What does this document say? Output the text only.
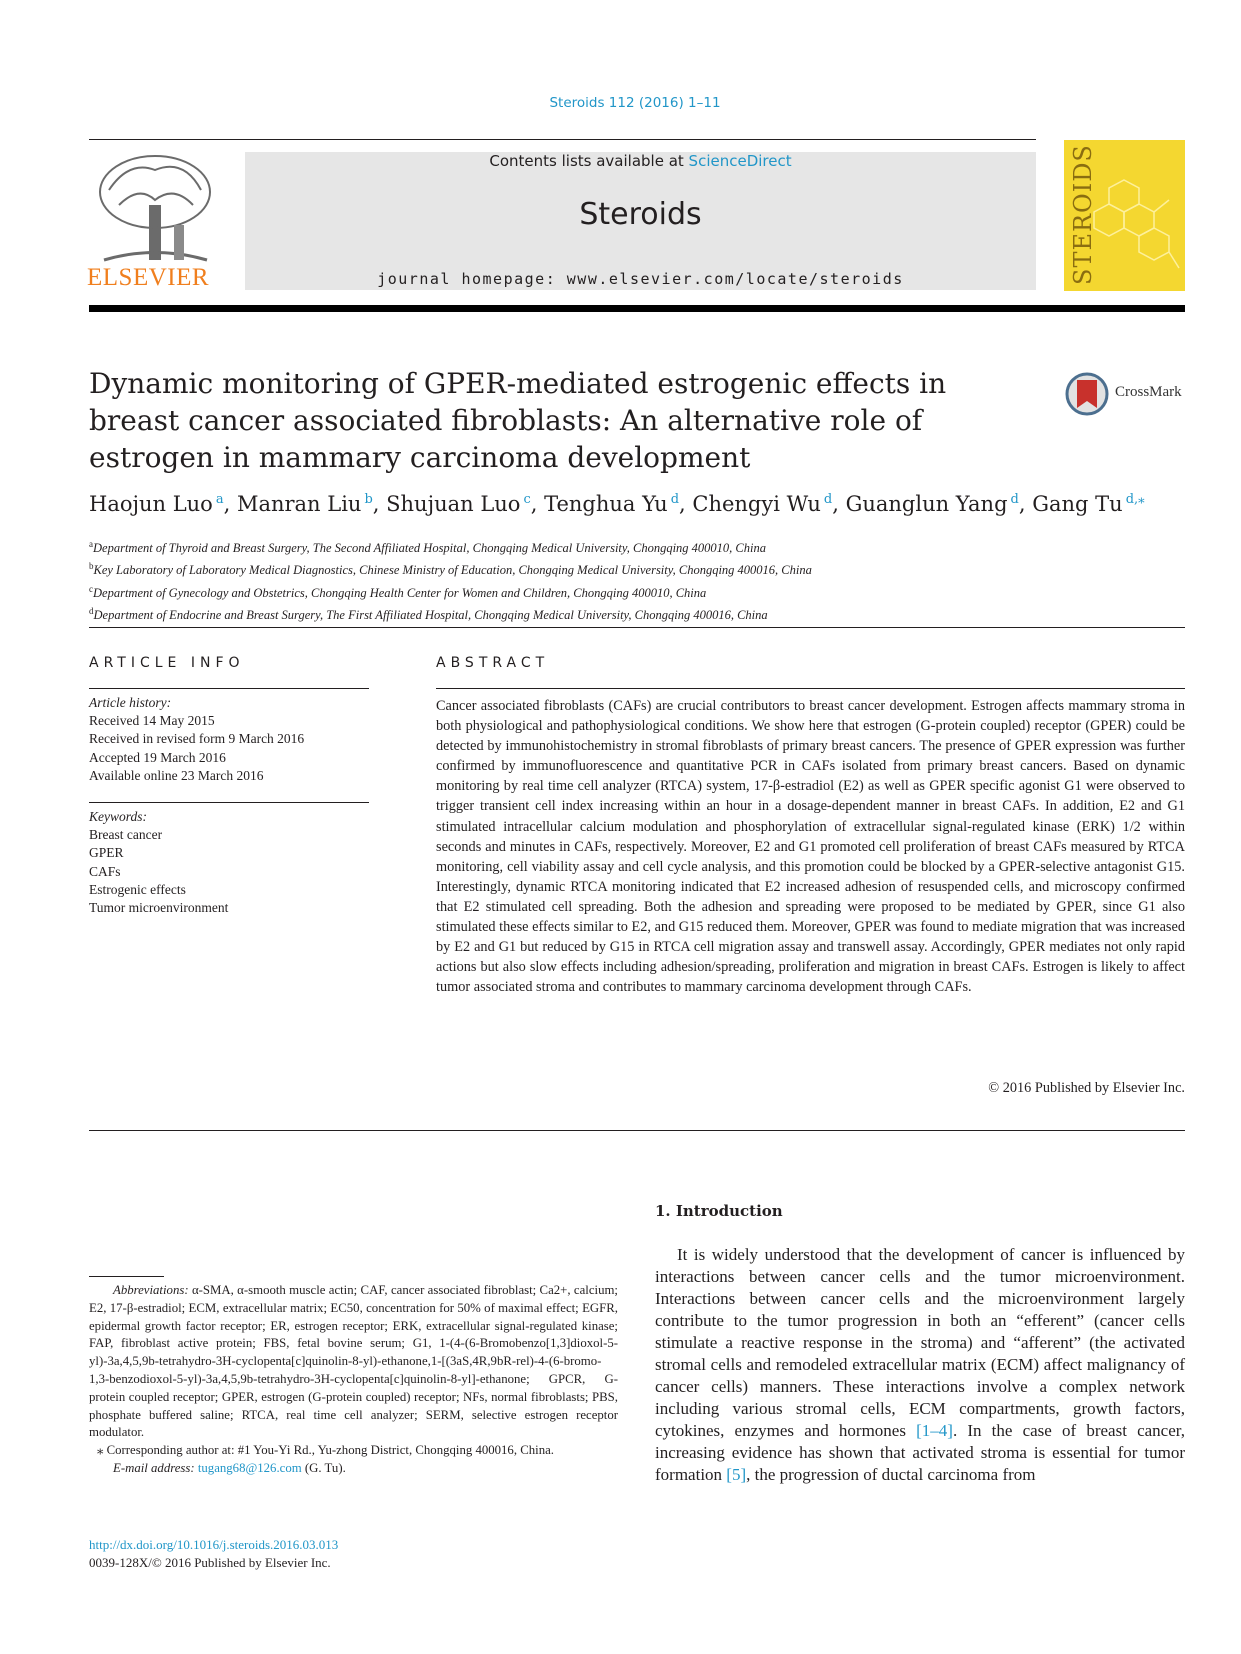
Steroids 112 (2016) 1–11
ELSEVIER
Contents lists available at ScienceDirect
Steroids
journal homepage: www.elsevier.com/locate/steroids	STEROIDS
Dynamic monitoring of GPER-mediated estrogenic effects in breast cancer associated fibroblasts: An alternative role of estrogen in mammary carcinoma development
CrossMark
Haojun Luo $^a$, Manran Liu $^b$, Shujuan Luo $^c$, Tenghua Yu $^d$, Chengyi Wu $^d$, Guanglun Yang $^d$, Gang Tu $^{d,⁎}$
$^a$Department of Thyroid and Breast Surgery, The Second Affiliated Hospital, Chongqing Medical University, Chongqing 400010, China
$^b$Key Laboratory of Laboratory Medical Diagnostics, Chinese Ministry of Education, Chongqing Medical University, Chongqing 400016, China
$^c$Department of Gynecology and Obstetrics, Chongqing Health Center for Women and Children, Chongqing 400010, China
$^d$Department of Endocrine and Breast Surgery, The First Affiliated Hospital, Chongqing Medical University, Chongqing 400016, China
ARTICLE INFO
Article history:
Received 14 May 2015
Received in revised form 9 March 2016
Accepted 19 March 2016
Available online 23 March 2016
Keywords:
Breast cancer
GPER
CAFs
Estrogenic effects
Tumor microenvironment
ABSTRACT
Cancer associated fibroblasts (CAFs) are crucial contributors to breast cancer development. Estrogen affects mammary stroma in both physiological and pathophysiological conditions. We show here that estrogen (G-protein coupled) receptor (GPER) could be detected by immunohistochemistry in stromal fibroblasts of primary breast cancers. The presence of GPER expression was further confirmed by immunofluorescence and quantitative PCR in CAFs isolated from primary breast cancers. Based on dynamic monitoring by real time cell analyzer (RTCA) system, 17-β-estradiol (E2) as well as GPER specific agonist G1 were observed to trigger transient cell index increasing within an hour in a dosage-dependent manner in breast CAFs. In addition, E2 and G1 stimulated intracellular calcium modulation and phosphorylation of extracellular signal-regulated kinase (ERK) 1/2 within seconds and minutes in CAFs, respectively. Moreover, E2 and G1 promoted cell proliferation of breast CAFs measured by RTCA monitoring, cell viability assay and cell cycle analysis, and this promotion could be blocked by a GPER-selective antagonist G15. Interestingly, dynamic RTCA monitoring indicated that E2 increased adhesion of resuspended cells, and microscopy confirmed that E2 stimulated cell spreading. Both the adhesion and spreading were proposed to be mediated by GPER, since G1 also stimulated these effects similar to E2, and G15 reduced them. Moreover, GPER was found to mediate migration that was increased by E2 and G1 but reduced by G15 in RTCA cell migration assay and transwell assay. Accordingly, GPER mediates not only rapid actions but also slow effects including adhesion/spreading, proliferation and migration in breast CAFs. Estrogen is likely to affect tumor associated stroma and contributes to mammary carcinoma development through CAFs.
© 2016 Published by Elsevier Inc.
1. Introduction
It is widely understood that the development of cancer is influenced by interactions between cancer cells and the tumor microenvironment. Interactions between cancer cells and the microenvironment largely contribute to the tumor progression in both an “efferent” (cancer cells stimulate a reactive response in the stroma) and “afferent” (the activated stromal cells and remodeled extracellular matrix (ECM) affect malignancy of cancer cells) manners. These interactions involve a complex network including various stromal cells, ECM compartments, growth factors, cytokines, enzymes and hormones [1–4]. In the case of breast cancer, increasing evidence has shown that activated stroma is essential for tumor formation [5], the progression of ductal carcinoma from
Abbreviations: α-SMA, α-smooth muscle actin; CAF, cancer associated fibroblast; Ca2+, calcium; E2, 17-β-estradiol; ECM, extracellular matrix; EC50, concentration for 50% of maximal effect; EGFR, epidermal growth factor receptor; ER, estrogen receptor; ERK, extracellular signal-regulated kinase; FAP, fibroblast active protein; FBS, fetal bovine serum; G1, 1-(4-(6-Bromobenzo[1,3]dioxol-5-yl)-3a,4,5,9b-tetrahydro-3H-cyclopenta[c]quinolin-8-yl)-ethanone,1-[(3aS,4R,9bR-rel)-4-(6-bromo-1,3-benzodioxol-5-yl)-3a,4,5,9b-tetrahydro-3H-cyclopenta[c]quinolin-8-yl]-ethanone; GPCR, G-protein coupled receptor; GPER, estrogen (G-protein coupled) receptor; NFs, normal fibroblasts; PBS, phosphate buffered saline; RTCA, real time cell analyzer; SERM, selective estrogen receptor modulator.
⁎ Corresponding author at: #1 You-Yi Rd., Yu-zhong District, Chongqing 400016, China.
E-mail address: tugang68@126.com (G. Tu).
http://dx.doi.org/10.1016/j.steroids.2016.03.013
0039-128X/© 2016 Published by Elsevier Inc.
